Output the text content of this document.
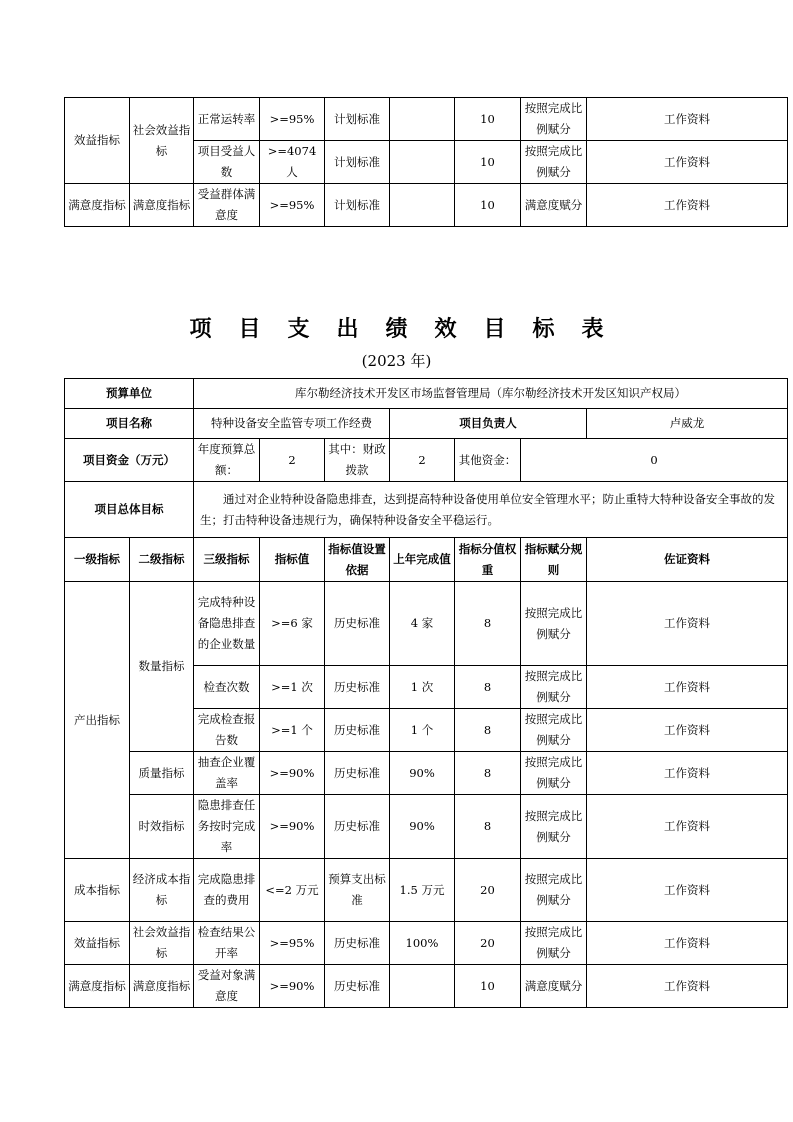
效益指标	社会效益指标	正常运转率	>=95%	计划标准		10	按照完成比例赋分	工作资料
		项目受益人数	>=4074 人	计划标准		10	按照完成比例赋分	工作资料
满意度指标	满意度指标	受益群体满意度	>=95%	计划标准		10	满意度赋分	工作资料
项目支出绩效目标表
(2023 年)
预算单位		库尔勒经济技术开发区市场监督管理局（库尔勒经济技术开发区知识产权局）						
项目名称		特种设备安全监管专项工作经费			项目负责人			卢威龙
项目资金（万元）		年度预算总额：	2	其中：财政拨款	2	其他资金：	0	
项目总体目标		通过对企业特种设备隐患排查，达到提高特种设备使用单位安全管理水平；防止重特大特种设备安全事故的发生；打击特种设备违规行为，确保特种设备安全平稳运行。						
一级指标	二级指标	三级指标	指标值	指标值设置依据	上年完成值	指标分值权重	指标赋分规则	佐证资料
产出指标	数量指标	完成特种设备隐患排查的企业数量	>=6 家	历史标准	4 家	8	按照完成比例赋分	工作资料
		检查次数	>=1 次	历史标准	1 次	8	按照完成比例赋分	工作资料
		完成检查报告数	>=1 个	历史标准	1 个	8	按照完成比例赋分	工作资料
	质量指标	抽查企业覆盖率	>=90%	历史标准	90%	8	按照完成比例赋分	工作资料
	时效指标	隐患排查任务按时完成率	>=90%	历史标准	90%	8	按照完成比例赋分	工作资料
成本指标	经济成本指标	完成隐患排查的费用	<=2 万元	预算支出标准	1.5 万元	20	按照完成比例赋分	工作资料
效益指标	社会效益指标	检查结果公开率	>=95%	历史标准	100%	20	按照完成比例赋分	工作资料
满意度指标	满意度指标	受益对象满意度	>=90%	历史标准		10	满意度赋分	工作资料
